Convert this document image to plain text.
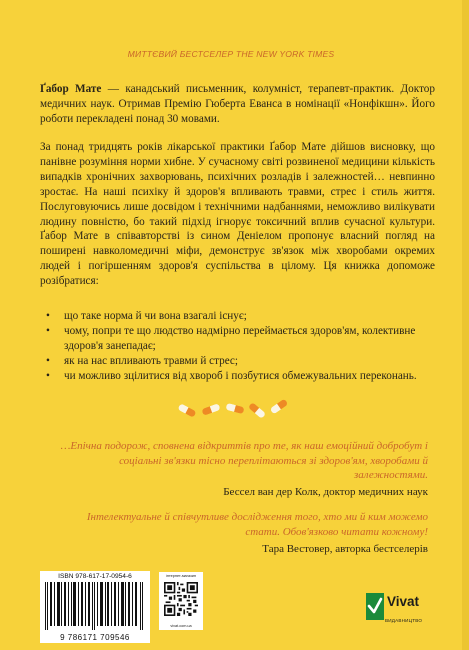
МИТТЄВИЙ БЕСТСЕЛЕР THE NEW YORK TIMES

Ґабор Мате — канадський письменник, колумніст, терапевт-практик. Доктор медичних наук. Отримав Премію Гюберта Еванса в номінації «Нонфікшн». Його роботи перекладені понад 30 мовами.

За понад тридцять років лікарської практики Ґабор Мате дійшов висновку, що панівне розуміння норми хибне. У сучасному світі розвиненої медицини кількість випадків хронічних захворювань, психічних розладів і залежностей… невпинно зростає. На наші психіку й здоров'я впливають травми, стрес і стиль життя. Послуговуючись лише досвідом і технічними надбаннями, неможливо вилікувати людину повністю, бо такий підхід ігнорує токсичний вплив сучасної культури. Ґабор Мате в співавторстві із сином Деніелом пропонує власний погляд на поширені навколомедичні міфи, демонструє зв'язок між хворобами окремих людей і погіршенням здоров'я суспільства в цілому. Ця книжка допоможе розібратися:

• що таке норма й чи вона взагалі існує;
• чому, попри те що людство надмірно переймається здоров'ям, колективне здоров'я занепадає;
• як на нас впливають травми й стрес;
• чи можливо зцілитися від хвороб і позбутися обмежувальних переконань.

…Епічна подорож, сповнена відкриттів про те, як наш емоційний добробут і соціальні зв'язки тісно переплітаються зі здоров'ям, хворобами й залежностями.

Бессел ван дер Колк, доктор медичних наук

Інтелектуальне й співчутливе дослідження того, хто ми й ким можемо стати. Обов'язково читати кожному!

Тара Вестовер, авторка бестселерів
ISBN 978-617-17-0954-6
9 786171 709546
інтернет-магазин
vivat.com.ua
Vivat
ВИДАВНИЦТВО
